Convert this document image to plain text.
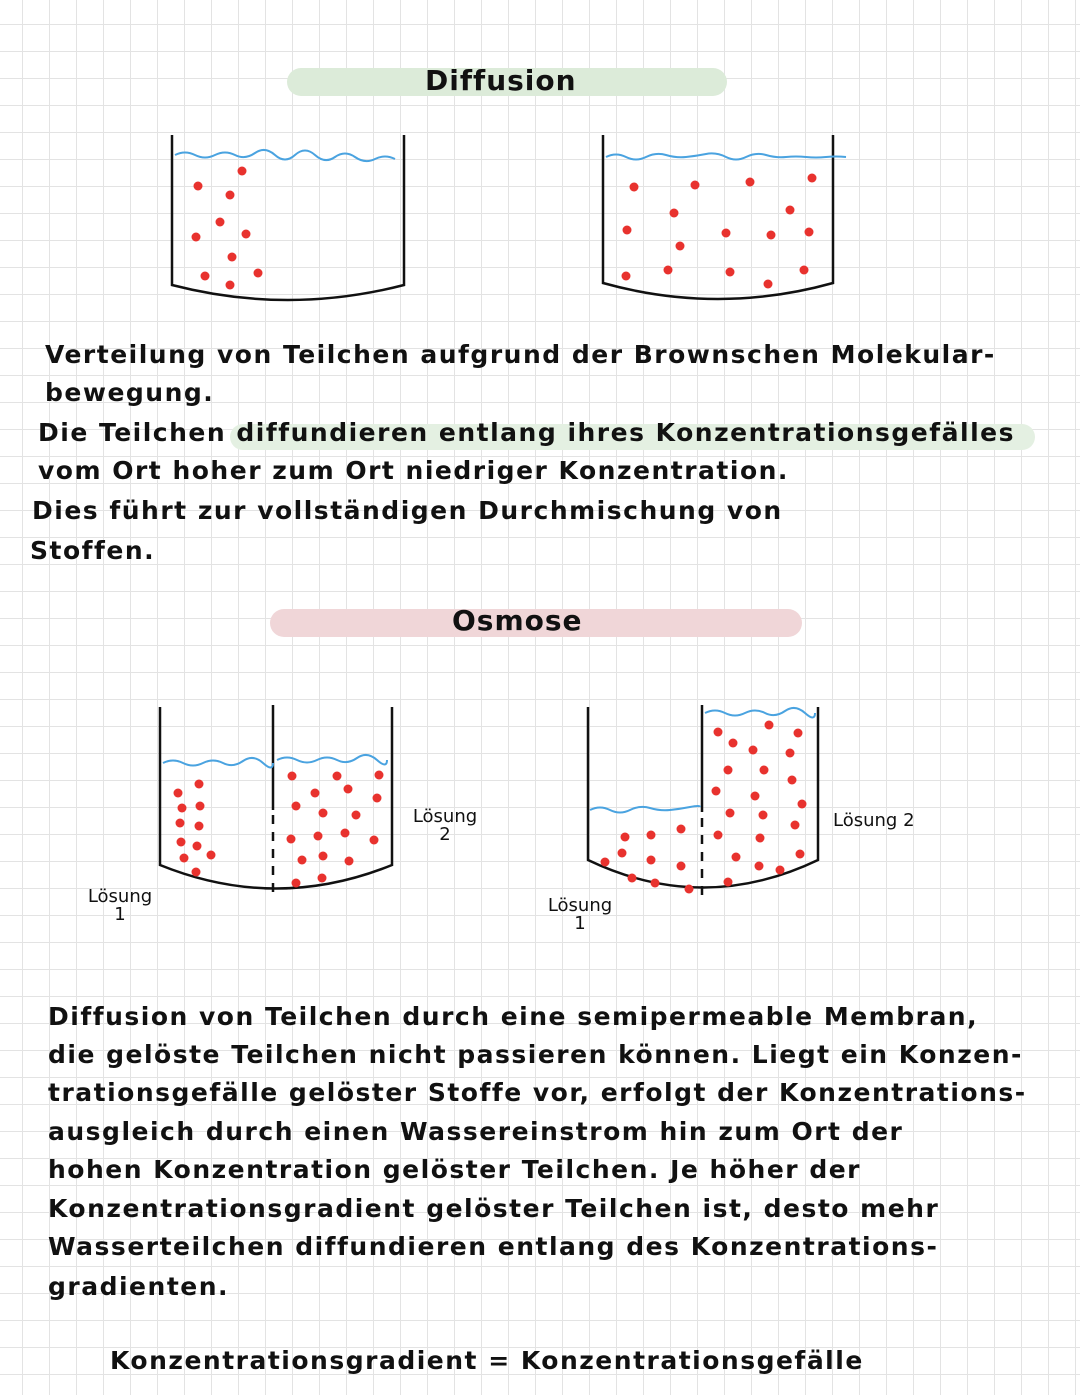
Diffusion
Osmose
Lösung 2
Lösung 1	Lösung 1
Lösung 2
Verteilung von Teilchen aufgrund der Brownschen Molekular-
bewegung.
Die Teilchen diffundieren entlang ihres Konzentrationsgefälles
vom Ort hoher zum Ort niedriger Konzentration.
Dies führt zur vollständigen Durchmischung von
Stoffen.
Diffusion von Teilchen durch eine semipermeable Membran,
die gelöste Teilchen nicht passieren können. Liegt ein Konzen-
trationsgefälle gelöster Stoffe vor, erfolgt der Konzentrations-
ausgleich durch einen Wassereinstrom hin zum Ort der
hohen Konzentration gelöster Teilchen. Je höher der
Konzentrationsgradient gelöster Teilchen ist, desto mehr
Wasserteilchen diffundieren entlang des Konzentrations-
gradienten.
Konzentrationsgradient = Konzentrationsgefälle
